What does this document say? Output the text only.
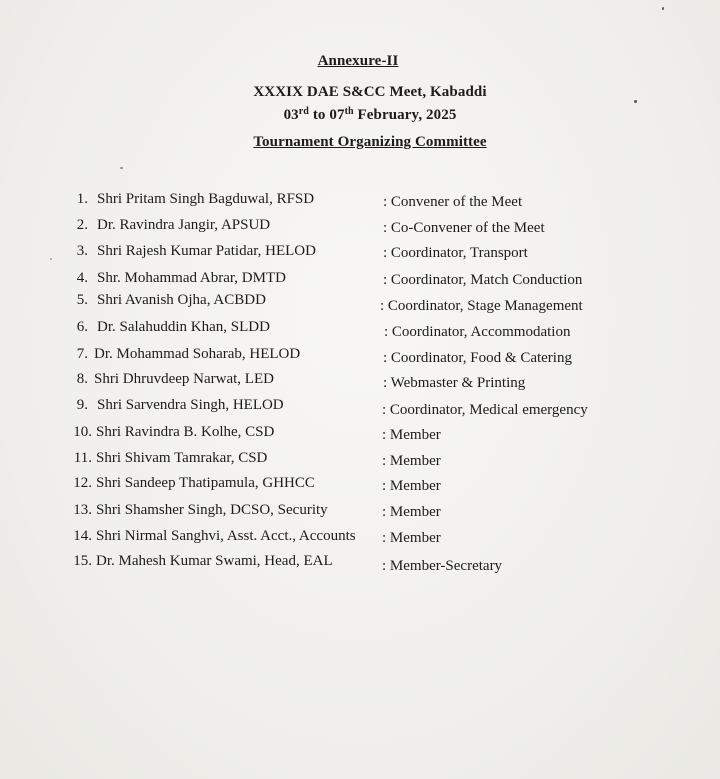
Annexure-II
XXXIX DAE S&CC Meet, Kabaddi
03rd to 07th February, 2025
Tournament Organizing Committee
1. Shri Pritam Singh Bagduwal, RFSD	: Convener of the Meet
2. Dr. Ravindra Jangir, APSUD	: Co-Convener of the Meet
3. Shri Rajesh Kumar Patidar, HELOD	: Coordinator, Transport
4. Shr. Mohammad Abrar, DMTD	: Coordinator, Match Conduction
5. Shri Avanish Ojha, ACBDD	: Coordinator, Stage Management
6. Dr. Salahuddin Khan, SLDD	: Coordinator, Accommodation
7. Dr. Mohammad Soharab, HELOD	: Coordinator, Food & Catering
8. Shri Dhruvdeep Narwat, LED	: Webmaster & Printing
9. Shri Sarvendra Singh, HELOD	: Coordinator, Medical emergency
10. Shri Ravindra B. Kolhe, CSD	: Member
11. Shri Shivam Tamrakar, CSD	: Member
12. Shri Sandeep Thatipamula, GHHCC	: Member
13. Shri Shamsher Singh, DCSO, Security	: Member
14. Shri Nirmal Sanghvi, Asst. Acct., Accounts : Member
15. Dr. Mahesh Kumar Swami, Head, EAL	: Member-Secretary
